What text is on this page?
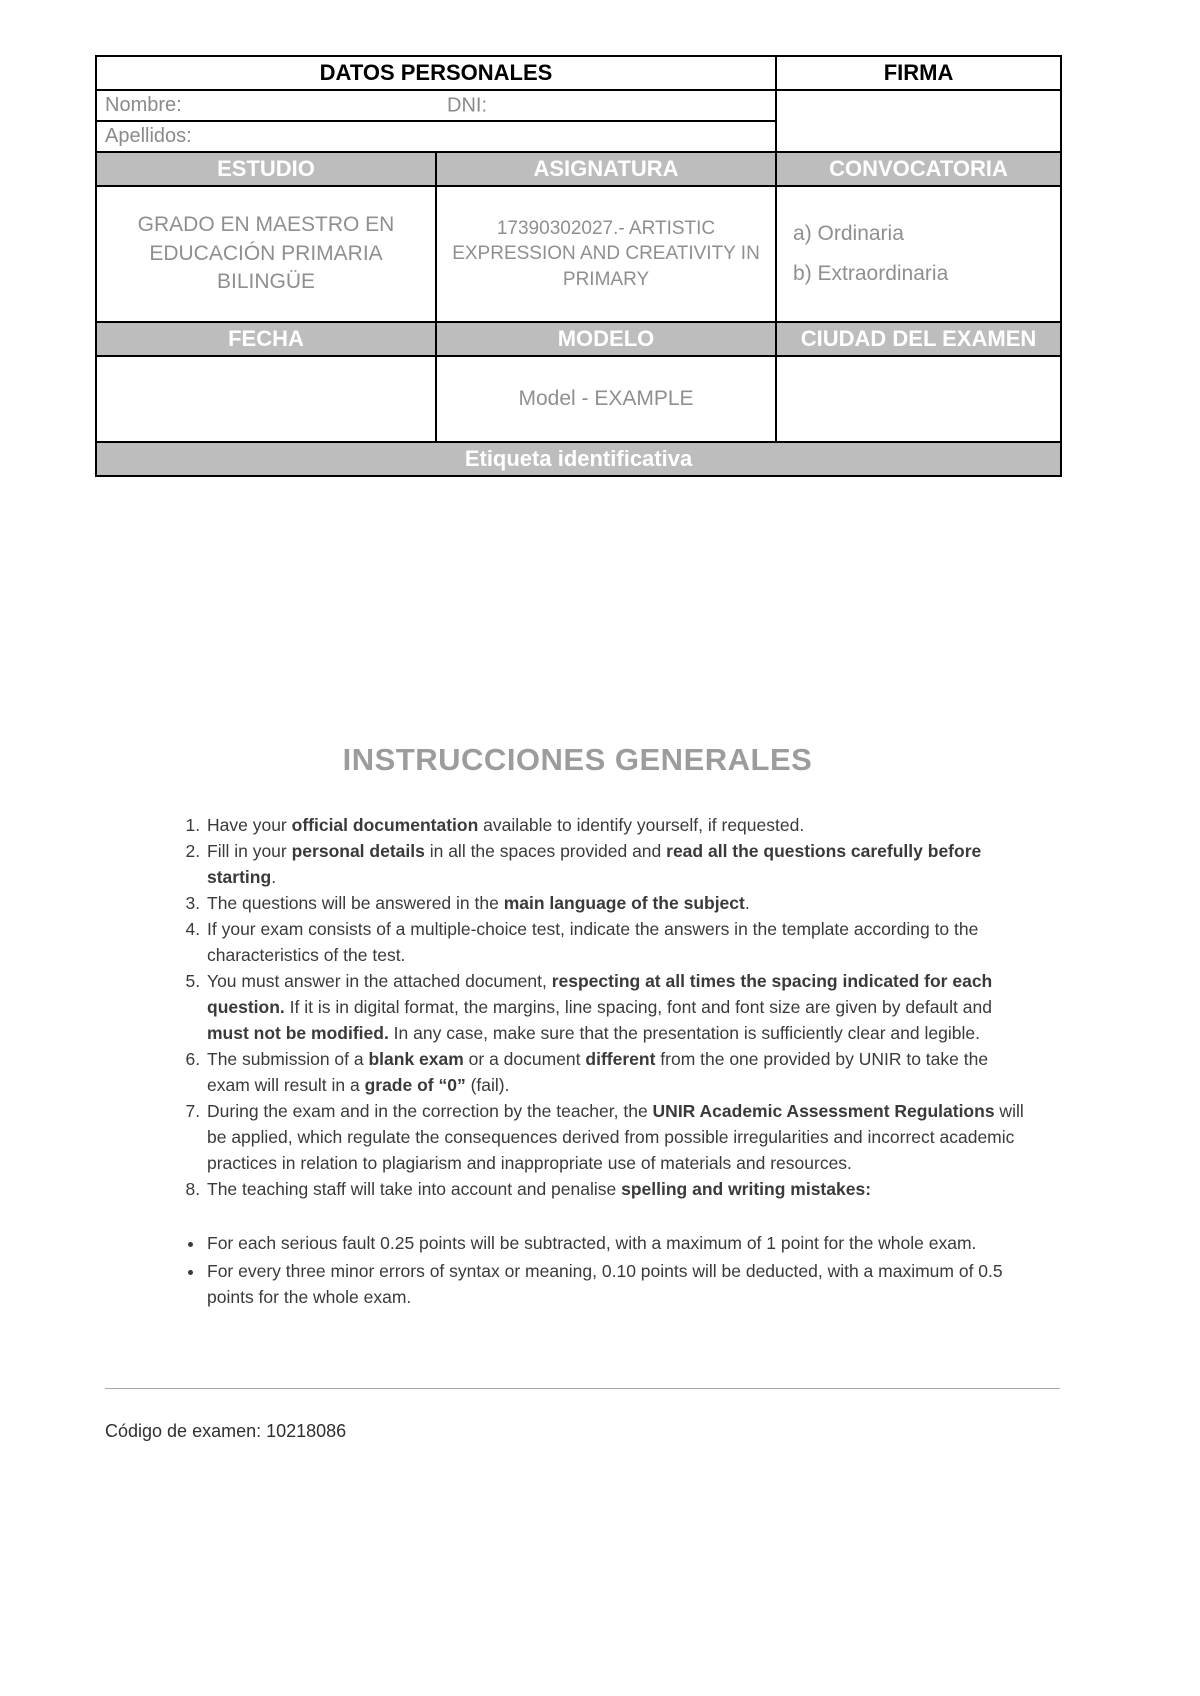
DATOS PERSONALES		FIRMA
Nombre: DNI:		

Apellidos:		
ESTUDIO	ASIGNATURA	CONVOCATORIA
GRADO EN MAESTRO EN EDUCACIÓN PRIMARIA BILINGÜE	17390302027.- ARTISTIC EXPRESSION AND CREATIVITY IN PRIMARY	a) Ordinaria
b) Extraordinaria

FECHA	MODELO	CIUDAD DEL EXAMEN
	Model - EXAMPLE	
Etiqueta identificativa		
INSTRUCCIONES GENERALES
1. Have your official documentation available to identify yourself, if requested.
2. Fill in your personal details in all the spaces provided and read all the questions carefully before starting.
3. The questions will be answered in the main language of the subject.
4. If your exam consists of a multiple-choice test, indicate the answers in the template according to the characteristics of the test.
5. You must answer in the attached document, respecting at all times the spacing indicated for each question. If it is in digital format, the margins, line spacing, font and font size are given by default and must not be modified. In any case, make sure that the presentation is sufficiently clear and legible.
6. The submission of a blank exam or a document different from the one provided by UNIR to take the exam will result in a grade of “0” (fail).
7. During the exam and in the correction by the teacher, the UNIR Academic Assessment Regulations will be applied, which regulate the consequences derived from possible irregularities and incorrect academic practices in relation to plagiarism and inappropriate use of materials and resources.
8. The teaching staff will take into account and penalise spelling and writing mistakes:
• For each serious fault 0.25 points will be subtracted, with a maximum of 1 point for the whole exam.
• For every three minor errors of syntax or meaning, 0.10 points will be deducted, with a maximum of 0.5 points for the whole exam.
Código de examen: 10218086
